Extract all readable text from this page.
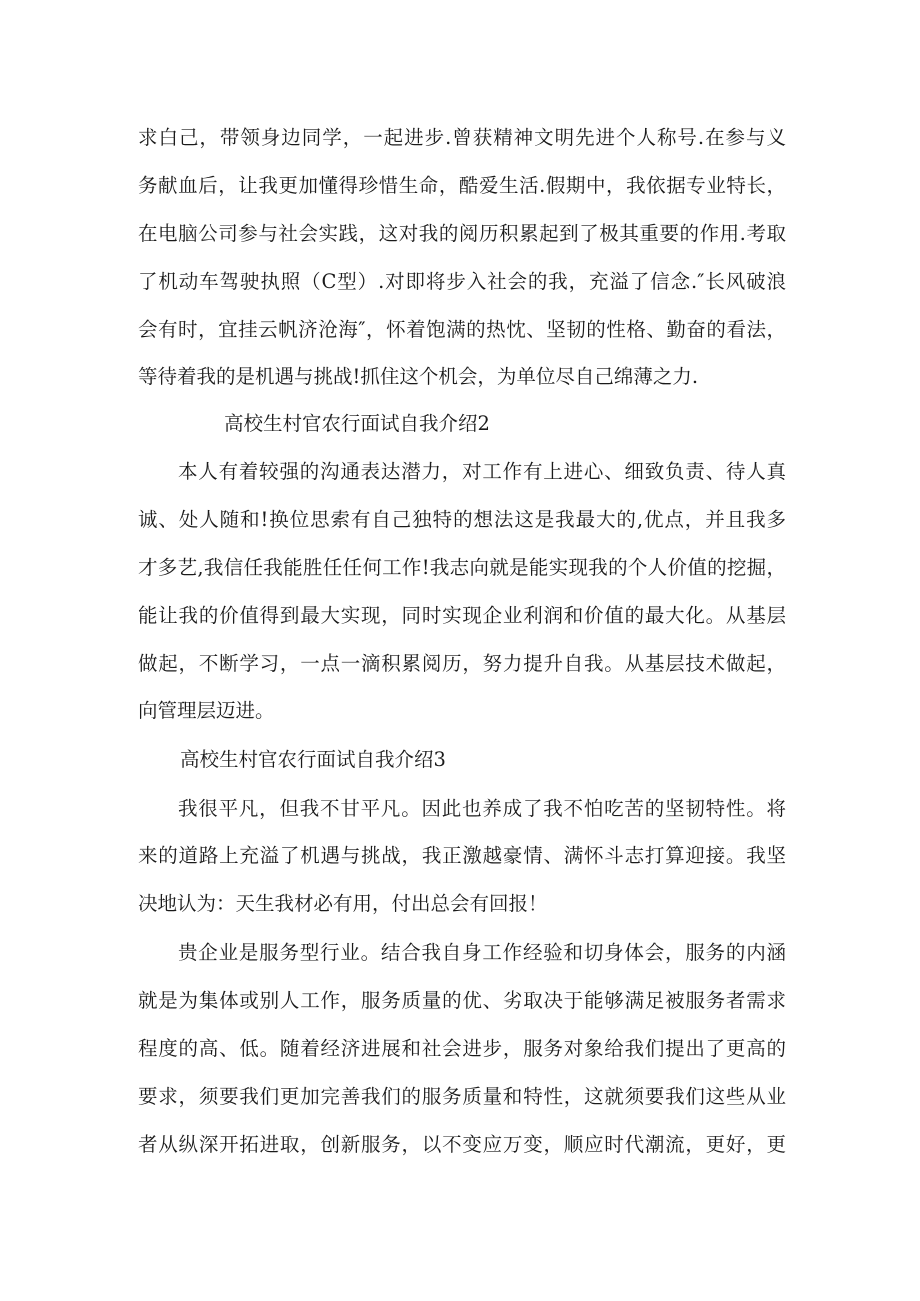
求白己，带领身边同学，一起进步.曾获精神文明先进个人称号.在参与义
务献血后，让我更加懂得珍惜生命，酷爱生活.假期中，我依据专业特长，
在电脑公司参与社会实践，这对我的阅历积累起到了极其重要的作用.考取
了机动车驾驶执照（C型）.对即将步入社会的我，充溢了信念.″长风破浪
会有时，宜挂云帆济沧海″，怀着饱满的热忱、坚韧的性格、勤奋的看法，
等待着我的是机遇与挑战!抓住这个机会，为单位尽自己绵薄之力.
高校生村官农行面试自我介绍2
本人有着较强的沟通表达潜力，对工作有上进心、细致负责、待人真
诚、处人随和!换位思索有自己独特的想法这是我最大的,优点，并且我多
才多艺,我信任我能胜任任何工作!我志向就是能实现我的个人价值的挖掘，
能让我的价值得到最大实现，同时实现企业利润和价值的最大化。从基层
做起，不断学习，一点一滴积累阅历，努力提升自我。从基层技术做起，
向管理层迈进。
高校生村官农行面试自我介绍3
我很平凡，但我不甘平凡。因此也养成了我不怕吃苦的坚韧特性。将
来的道路上充溢了机遇与挑战，我正激越豪情、满怀斗志打算迎接。我坚
决地认为：天生我材必有用，付出总会有回报！
贵企业是服务型行业。结合我自身工作经验和切身体会，服务的内涵
就是为集体或别人工作，服务质量的优、劣取决于能够满足被服务者需求
程度的高、低。随着经济进展和社会进步，服务对象给我们提出了更高的
要求，须要我们更加完善我们的服务质量和特性，这就须要我们这些从业
者从纵深开拓进取，创新服务，以不变应万变，顺应时代潮流，更好，更
